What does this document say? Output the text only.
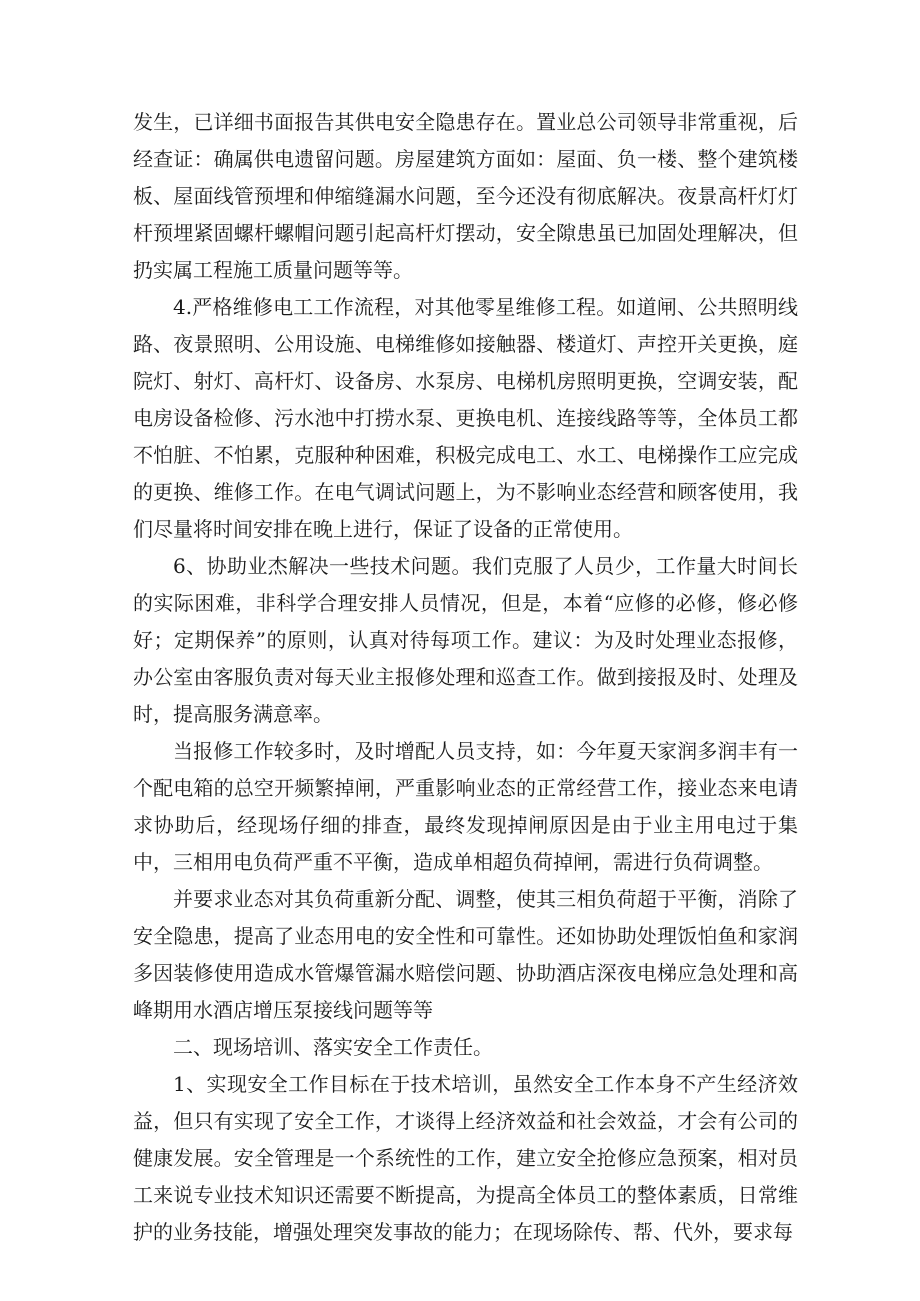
发生，已详细书面报告其供电安全隐患存在。置业总公司领导非常重视，后经查证：确属供电遗留问题。房屋建筑方面如：屋面、负一楼、整个建筑楼板、屋面线管预埋和伸缩缝漏水问题，至今还没有彻底解决。夜景高杆灯灯杆预埋紧固螺杆螺帽问题引起高杆灯摆动，安全隙患虽已加固处理解决，但扔实属工程施工质量问题等等。

4.严格维修电工工作流程，对其他零星维修工程。如道闸、公共照明线路、夜景照明、公用设施、电梯维修如接触器、楼道灯、声控开关更换，庭院灯、射灯、高杆灯、设备房、水泵房、电梯机房照明更换，空调安装，配电房设备检修、污水池中打捞水泵、更换电机、连接线路等等，全体员工都不怕脏、不怕累，克服种种困难，积极完成电工、水工、电梯操作工应完成的更换、维修工作。在电气调试问题上，为不影响业态经营和顾客使用，我们尽量将时间安排在晚上进行，保证了设备的正常使用。

6、协助业杰解决一些技术问题。我们克服了人员少，工作量大时间长的实际困难，非科学合理安排人员情况，但是，本着“应修的必修，修必修好；定期保养”的原则，认真对待每项工作。建议：为及时处理业态报修，办公室由客服负责对每天业主报修处理和巡查工作。做到接报及时、处理及时，提高服务满意率。

当报修工作较多时，及时增配人员支持，如：今年夏天家润多润丰有一个配电箱的总空开频繁掉闸，严重影响业态的正常经营工作，接业态来电请求协助后，经现场仔细的排查，最终发现掉闸原因是由于业主用电过于集中，三相用电负荷严重不平衡，造成单相超负荷掉闸，需进行负荷调整。

并要求业态对其负荷重新分配、调整，使其三相负荷超于平衡，消除了安全隐患，提高了业态用电的安全性和可靠性。还如协助处理饭怕鱼和家润多因装修使用造成水管爆管漏水赔偿问题、协助酒店深夜电梯应急处理和高峰期用水酒店增压泵接线问题等等

二、现场培训、落实安全工作责任。

1、实现安全工作目标在于技术培训，虽然安全工作本身不产生经济效益，但只有实现了安全工作，才谈得上经济效益和社会效益，才会有公司的健康发展。安全管理是一个系统性的工作，建立安全抢修应急预案，相对员工来说专业技术知识还需要不断提高，为提高全体员工的整体素质，日常维护的业务技能，增强处理突发事故的能力；在现场除传、帮、代外，要求每
